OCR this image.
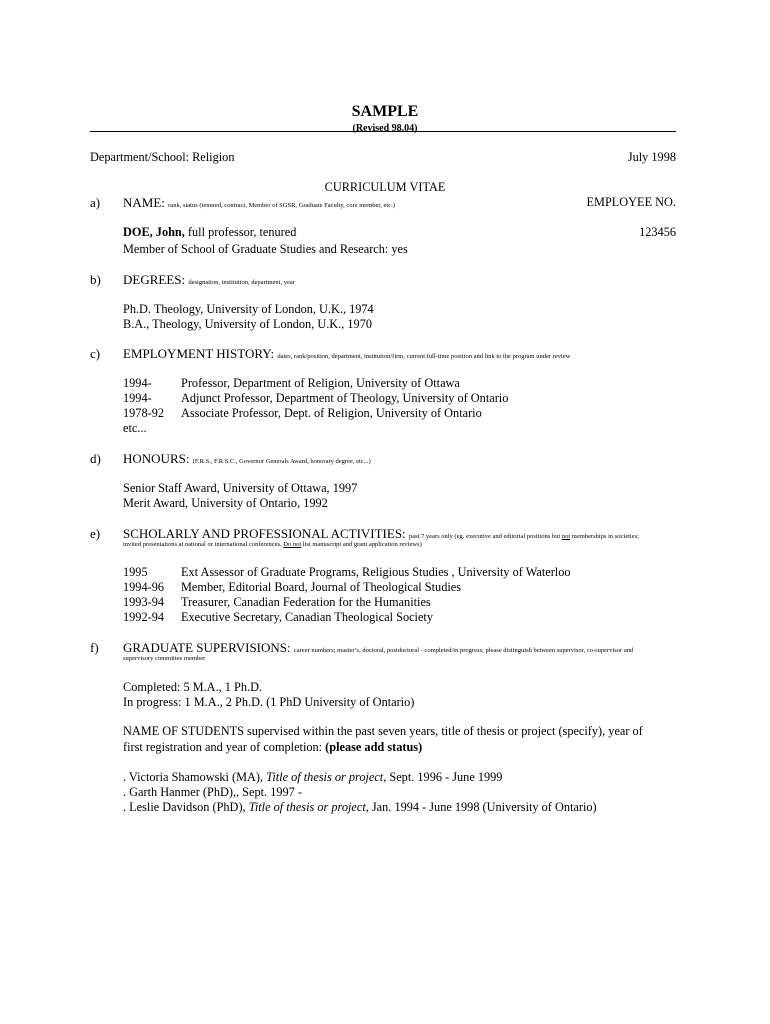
SAMPLE
(Revised 98.04)
Department/School: Religion	July 1998
CURRICULUM VITAE
a) NAME: rank, status (tenured, contract, Member of SGSR, Graduate Faculty, core member, etc.)	EMPLOYEE NO.
DOE, John, full professor, tenured	123456
Member of School of Graduate Studies and Research: yes
b) DEGREES: designation, institution, department, year
Ph.D. Theology, University of London, U.K., 1974
B.A., Theology, University of London, U.K., 1970
c) EMPLOYMENT HISTORY: dates, rank/position, department, institution/firm, current full-time position and link to the program under review
1994- Professor, Department of Religion, University of Ottawa
1994- Adjunct Professor, Department of Theology, University of Ontario
1978-92 Associate Professor, Dept. of Religion, University of Ontario
etc...
d) HONOURS: (F.R.S., F.R.S.C., Governor Generals Award, honorary degree, etc...)
Senior Staff Award, University of Ottawa, 1997
Merit Award, University of Ontario, 1992
e) SCHOLARLY AND PROFESSIONAL ACTIVITIES: past 7 years only (eg. executive and editorial positions but not memberships in societies;
invited presentations at national or international conferences. Do not list manuscript and grant application reviews)
1995	Ext Assessor of Graduate Programs, Religious Studies , University of Waterloo
1994-96 Member, Editorial Board, Journal of Theological Studies
1993-94 Treasurer, Canadian Federation for the Humanities
1992-94 Executive Secretary, Canadian Theological Society
f) GRADUATE SUPERVISIONS: career numbers; master’s, doctoral, postdoctoral - completed/in progress; please distinguish between supervisor, co-supervisor and
supervisory committee member
Completed: 5 M.A., 1 Ph.D.
In progress: 1 M.A., 2 Ph.D. (1 PhD University of Ontario)
NAME OF STUDENTS supervised within the past seven years, title of thesis or project (specify), year of
first registration and year of completion: (please add status)
. Victoria Shamowski (MA), Title of thesis or project, Sept. 1996 - June 1999
. Garth Hanmer (PhD),, Sept. 1997 -
. Leslie Davidson (PhD), Title of thesis or project, Jan. 1994 - June 1998 (University of Ontario)
